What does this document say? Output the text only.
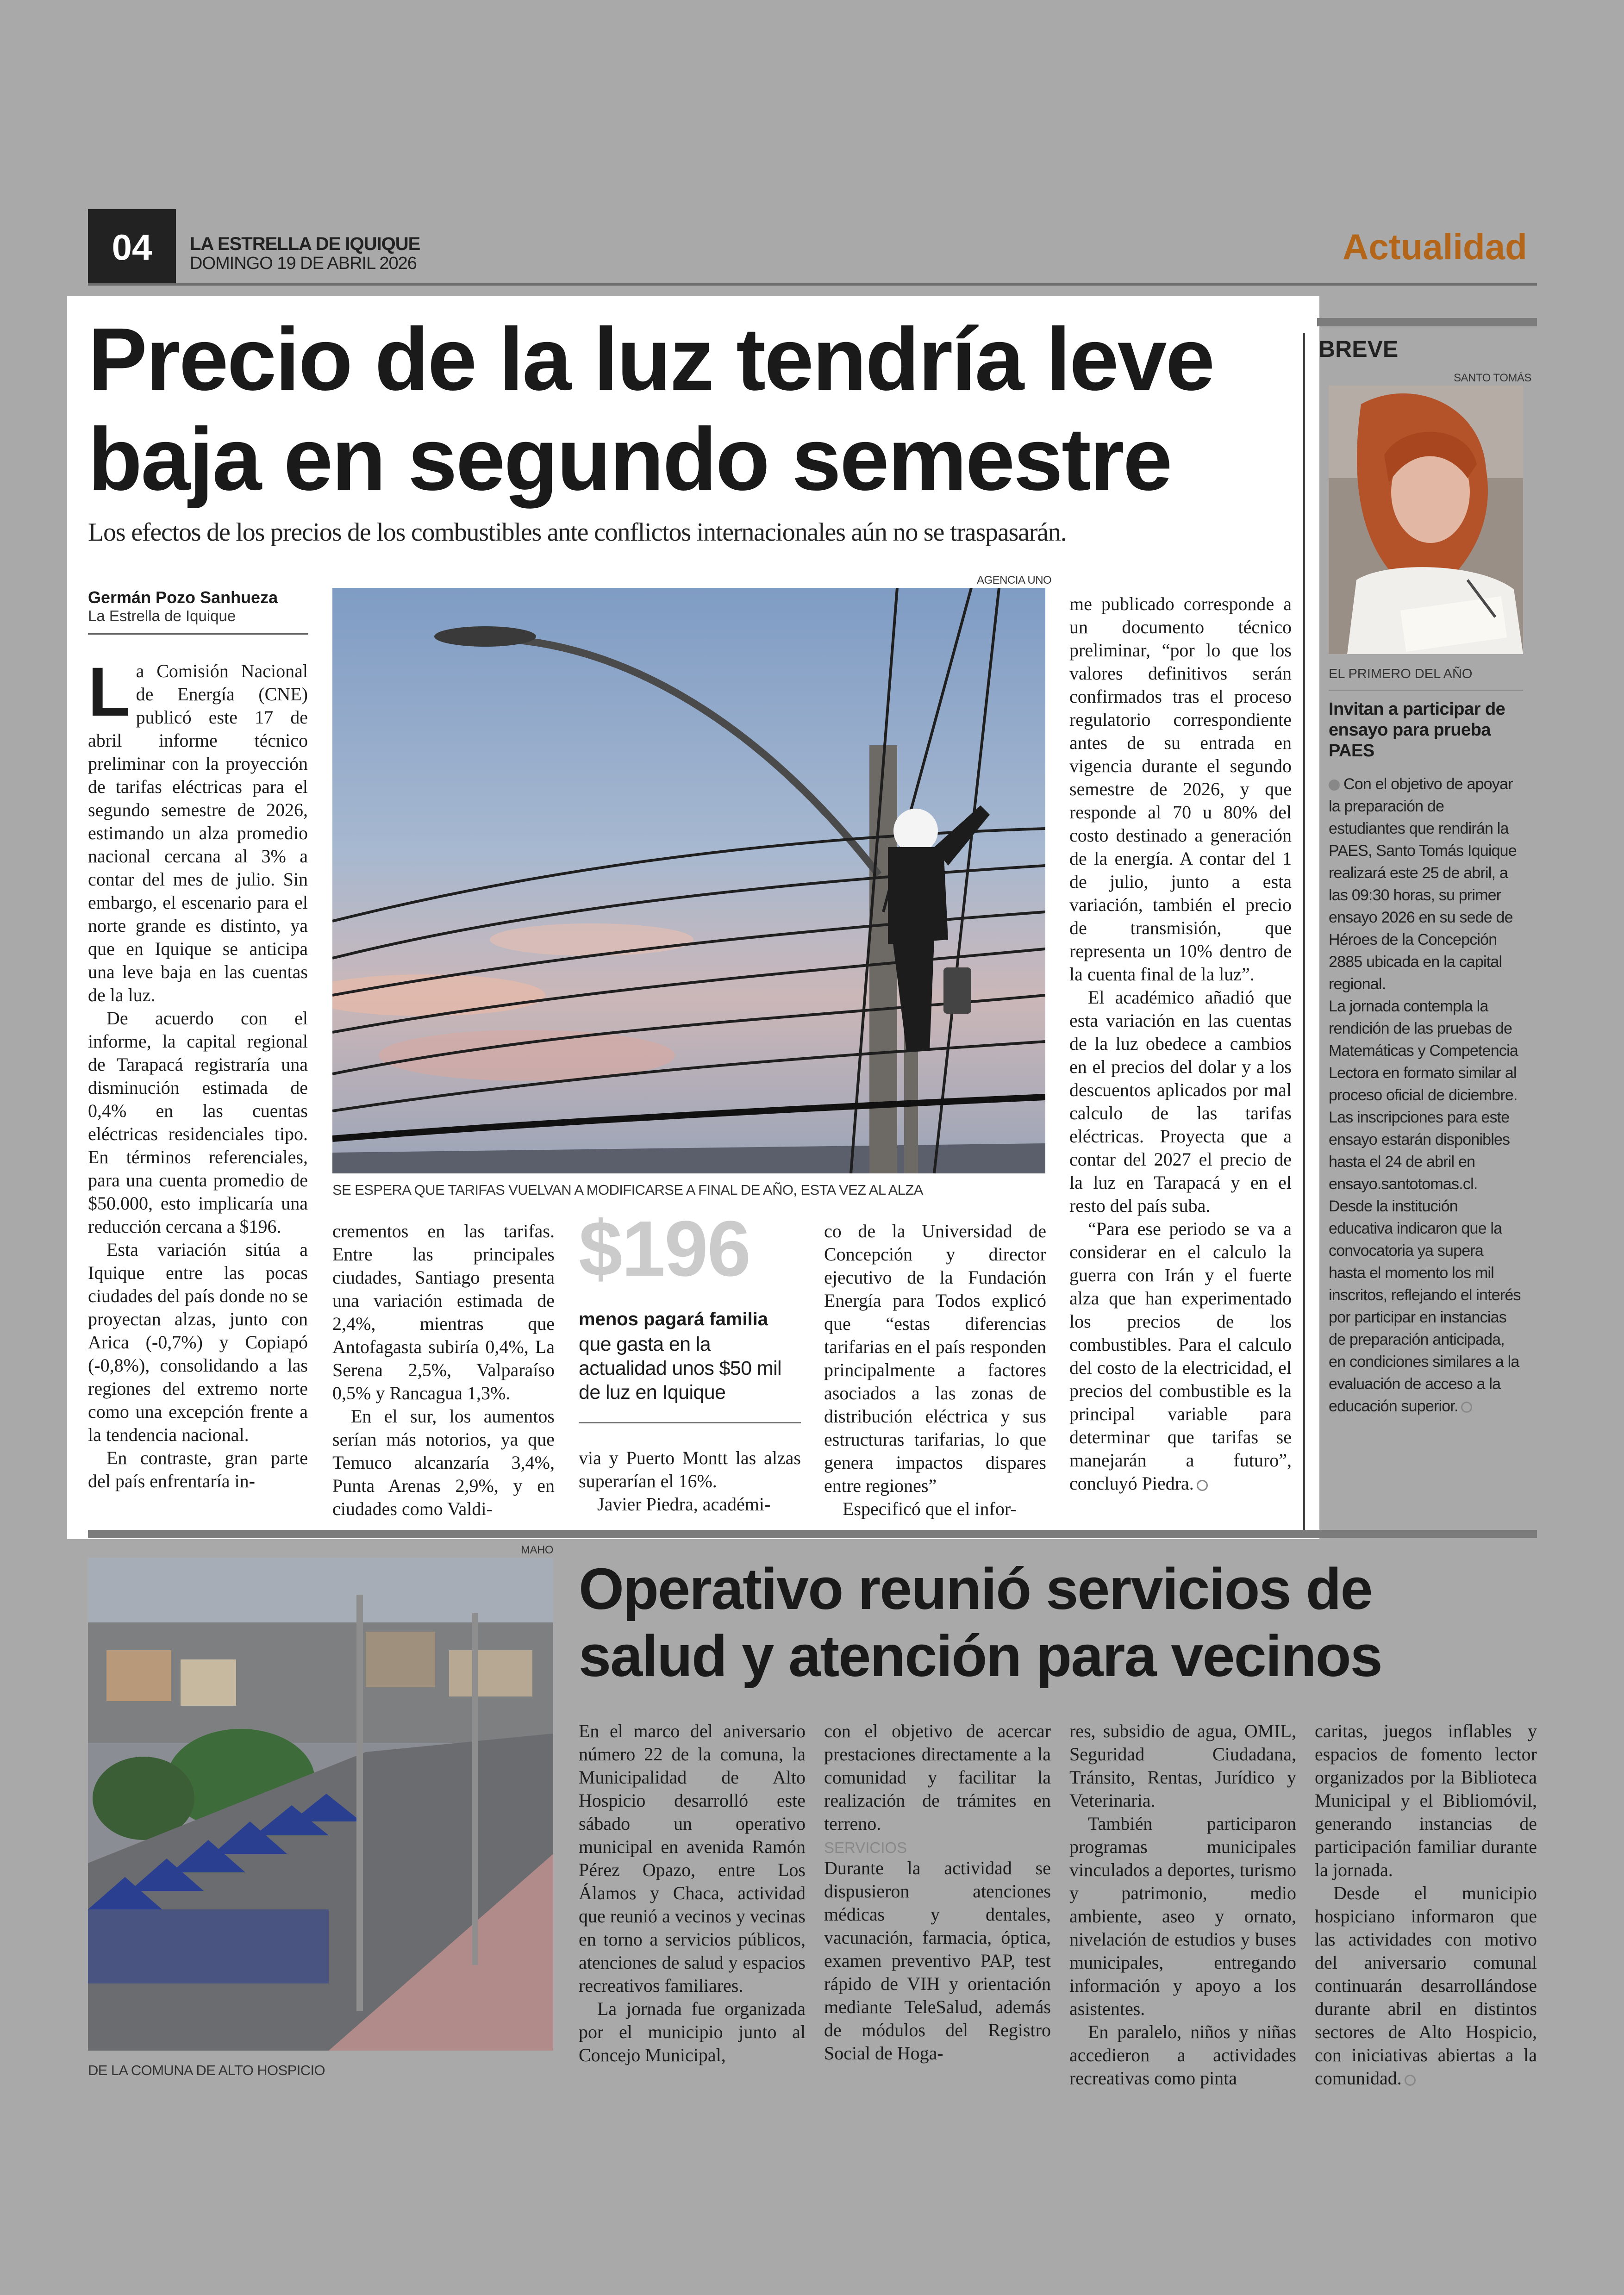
04	LA ESTRELLA DE IQUIQUE
DOMINGO 19 DE ABRIL 2026	Actualidad
Precio de la luz tendría leve baja en segundo semestre
Los efectos de los precios de los combustibles ante conflictos internacionales aún no se traspasarán.
Germán Pozo Sanhueza
La Estrella de Iquique
AGENCIA UNO
SE ESPERA QUE TARIFAS VUELVAN A MODIFICARSE A FINAL DE AÑO, ESTA VEZ AL ALZA

La Comisión Nacional de Energía (CNE) publicó este 17 de abril informe técnico preliminar con la proyección de tarifas eléctricas para el segundo semestre de 2026, estimando un alza promedio nacional cercana al 3% a contar del mes de julio. Sin embargo, el escenario para el norte grande es distinto, ya que en Iquique se anticipa una leve baja en las cuentas de la luz.

De acuerdo con el informe, la capital regional de Tarapacá registraría una disminución estimada de 0,4% en las cuentas eléctricas residenciales tipo. En términos referenciales, para una cuenta promedio de $50.000, esto implicaría una reducción cercana a $196.

Esta variación sitúa a Iquique entre las pocas ciudades del país donde no se proyectan alzas, junto con Arica (-0,7%) y Copiapó (-0,8%), consolidando a las regiones del extremo norte como una excepción frente a la tendencia nacional.

En contraste, gran parte del país enfrentaría in-

crementos en las tarifas. Entre las principales ciudades, Santiago presenta una variación estimada de 2,4%, mientras que Antofagasta subiría 0,4%, La Serena 2,5%, Valparaíso 0,5% y Rancagua 1,3%.

En el sur, los aumentos serían más notorios, ya que Temuco alcanzaría 3,4%, Punta Arenas 2,9%, y en ciudades como Valdi-

$196
menos pagará familia
que gasta en la actualidad unos $50 mil de luz en Iquique

via y Puerto Montt las alzas superarían el 16%.

Javier Piedra, académi-

co de la Universidad de Concepción y director ejecutivo de la Fundación Energía para Todos explicó que “estas diferencias tarifarias en el país responden principalmente a factores asociados a las zonas de distribución eléctrica y sus estructuras tarifarias, lo que genera impactos dispares entre regiones”

Especificó que el infor-

me publicado corresponde a un documento técnico preliminar, “por lo que los valores definitivos serán confirmados tras el proceso regulatorio correspondiente antes de su entrada en vigencia durante el segundo semestre de 2026, y que responde al 70 u 80% del costo destinado a generación de la energía. A contar del 1 de julio, junto a esta variación, también el precio de transmisión, que representa un 10% dentro de la cuenta final de la luz”.

El académico añadió que esta variación en las cuentas de la luz obedece a cambios en el precios del dolar y a los descuentos aplicados por mal calculo de las tarifas eléctricas. Proyecta que a contar del 2027 el precio de la luz en Tarapacá y en el resto del país suba.

“Para ese periodo se va a considerar en el calculo la guerra con Irán y el fuerte alza que han experimentado los precios de los combustibles. Para el calculo del costo de la electricidad, el precios del combustible es la principal variable para determinar que tarifas se manejarán a futuro”, concluyó Piedra.

BREVE
SANTO TOMÁS
EL PRIMERO DEL AÑO
Invitan a participar de ensayo para prueba PAES

Con el objetivo de apoyar la preparación de estudiantes que rendirán la PAES, Santo Tomás Iquique realizará este 25 de abril, a las 09:30 horas, su primer ensayo 2026 en su sede de Héroes de la Concepción 2885 ubicada en la capital regional.

La jornada contempla la rendición de las pruebas de Matemáticas y Competencia Lectora en formato similar al proceso oficial de diciembre.

Las inscripciones para este ensayo estarán disponibles hasta el 24 de abril en ensayo.santotomas.cl. Desde la institución educativa indicaron que la convocatoria ya supera hasta el momento los mil inscritos, reflejando el interés por participar en instancias de preparación anticipada, en condiciones similares a la evaluación de acceso a la educación superior.

MAHO
DE LA COMUNA DE ALTO HOSPICIO
Operativo reunió servicios de salud y atención para vecinos

En el marco del aniversario número 22 de la comuna, la Municipalidad de Alto Hospicio desarrolló este sábado un operativo municipal en avenida Ramón Pérez Opazo, entre Los Álamos y Chaca, actividad que reunió a vecinos y vecinas en torno a servicios públicos, atenciones de salud y espacios recreativos familiares.

La jornada fue organizada por el municipio junto al Concejo Municipal,

con el objetivo de acercar prestaciones directamente a la comunidad y facilitar la realización de trámites en terreno.

SERVICIOS

Durante la actividad se dispusieron atenciones médicas y dentales, vacunación, farmacia, óptica, examen preventivo PAP, test rápido de VIH y orientación mediante TeleSalud, además de módulos del Registro Social de Hoga-

res, subsidio de agua, OMIL, Seguridad Ciudadana, Tránsito, Rentas, Jurídico y Veterinaria.

También participaron programas municipales vinculados a deportes, turismo y patrimonio, medio ambiente, aseo y ornato, nivelación de estudios y buses municipales, entregando información y apoyo a los asistentes.

En paralelo, niños y niñas accedieron a actividades recreativas como pinta

caritas, juegos inflables y espacios de fomento lector organizados por la Biblioteca Municipal y el Bibliomóvil, generando instancias de participación familiar durante la jornada.

Desde el municipio hospiciano informaron que las actividades con motivo del aniversario comunal continuarán desarrollándose durante abril en distintos sectores de Alto Hospicio, con iniciativas abiertas a la comunidad.
